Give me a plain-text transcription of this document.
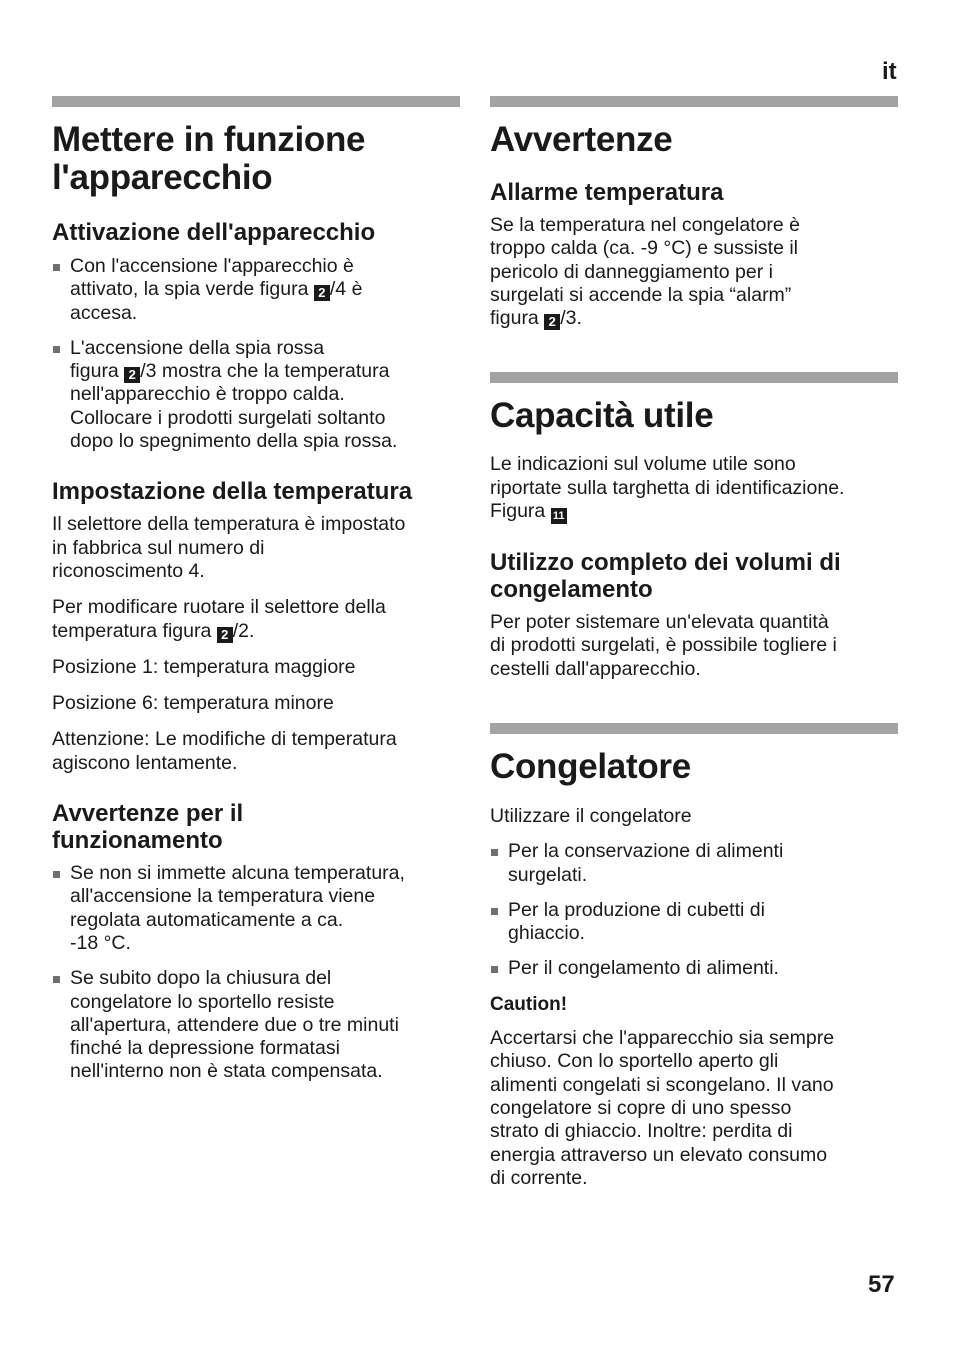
it
Mettere in funzione
l'apparecchio
Attivazione dell'apparecchio
Con l'accensione l'apparecchio è
attivato, la spia verde figura 2 /4 è
accesa.
L'accensione della spia rossa
figura 2 /3 mostra che la temperatura
nell'apparecchio è troppo calda.
Collocare i prodotti surgelati soltanto
dopo lo spegnimento della spia rossa.
Impostazione della temperatura

Il selettore della temperatura è impostato
in fabbrica sul numero di
riconoscimento 4.

Per modificare ruotare il selettore della
temperatura figura 2 /2.

Posizione 1: temperatura maggiore

Posizione 6: temperatura minore

Attenzione: Le modifiche di temperatura
agiscono lentamente.

Avvertenze per il
funzionamento
Se non si immette alcuna temperatura,
all'accensione la temperatura viene
regolata automaticamente a ca.
-18 °C.
Se subito dopo la chiusura del
congelatore lo sportello resiste
all'apertura, attendere due o tre minuti
finché la depressione formatasi
nell'interno non è stata compensata.
Avvertenze
Allarme temperatura

Se la temperatura nel congelatore è
troppo calda (ca. -9 °C) e sussiste il
pericolo di danneggiamento per i
surgelati si accende la spia “alarm”
figura 2 /3.

Capacità utile

Le indicazioni sul volume utile sono
riportate sulla targhetta di identificazione.
Figura 11

Utilizzo completo dei volumi di
congelamento

Per poter sistemare un'elevata quantità
di prodotti surgelati, è possibile togliere i
cestelli dall'apparecchio.

Congelatore

Utilizzare il congelatore

Per la conservazione di alimenti
surgelati.
Per la produzione di cubetti di
ghiaccio.
Per il congelamento di alimenti.

Caution!

Accertarsi che l'apparecchio sia sempre
chiuso. Con lo sportello aperto gli
alimenti congelati si scongelano. Il vano
congelatore si copre di uno spesso
strato di ghiaccio. Inoltre: perdita di
energia attraverso un elevato consumo
di corrente.

57
